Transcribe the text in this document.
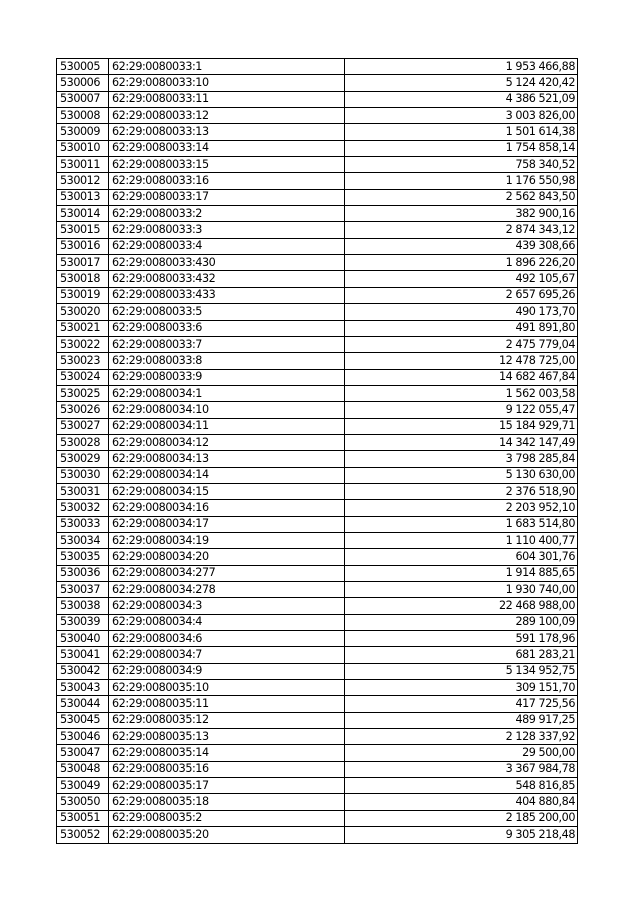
530005	62:29:0080033:1	1 953 466,88
530006	62:29:0080033:10	5 124 420,42
530007	62:29:0080033:11	4 386 521,09
530008	62:29:0080033:12	3 003 826,00
530009	62:29:0080033:13	1 501 614,38
530010	62:29:0080033:14	1 754 858,14
530011	62:29:0080033:15	758 340,52
530012	62:29:0080033:16	1 176 550,98
530013	62:29:0080033:17	2 562 843,50
530014	62:29:0080033:2	382 900,16
530015	62:29:0080033:3	2 874 343,12
530016	62:29:0080033:4	439 308,66
530017	62:29:0080033:430	1 896 226,20
530018	62:29:0080033:432	492 105,67
530019	62:29:0080033:433	2 657 695,26
530020	62:29:0080033:5	490 173,70
530021	62:29:0080033:6	491 891,80
530022	62:29:0080033:7	2 475 779,04
530023	62:29:0080033:8	12 478 725,00
530024	62:29:0080033:9	14 682 467,84
530025	62:29:0080034:1	1 562 003,58
530026	62:29:0080034:10	9 122 055,47
530027	62:29:0080034:11	15 184 929,71
530028	62:29:0080034:12	14 342 147,49
530029	62:29:0080034:13	3 798 285,84
530030	62:29:0080034:14	5 130 630,00
530031	62:29:0080034:15	2 376 518,90
530032	62:29:0080034:16	2 203 952,10
530033	62:29:0080034:17	1 683 514,80
530034	62:29:0080034:19	1 110 400,77
530035	62:29:0080034:20	604 301,76
530036	62:29:0080034:277	1 914 885,65
530037	62:29:0080034:278	1 930 740,00
530038	62:29:0080034:3	22 468 988,00
530039	62:29:0080034:4	289 100,09
530040	62:29:0080034:6	591 178,96
530041	62:29:0080034:7	681 283,21
530042	62:29:0080034:9	5 134 952,75
530043	62:29:0080035:10	309 151,70
530044	62:29:0080035:11	417 725,56
530045	62:29:0080035:12	489 917,25
530046	62:29:0080035:13	2 128 337,92
530047	62:29:0080035:14	29 500,00
530048	62:29:0080035:16	3 367 984,78
530049	62:29:0080035:17	548 816,85
530050	62:29:0080035:18	404 880,84
530051	62:29:0080035:2	2 185 200,00
530052	62:29:0080035:20	9 305 218,48
